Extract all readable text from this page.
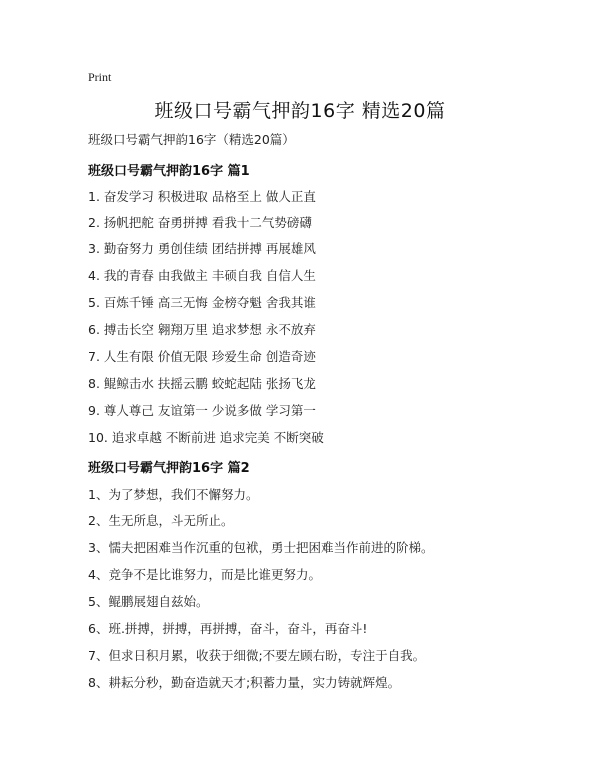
Print
班级口号霸气押韵16字 精选20篇
班级口号霸气押韵16字（精选20篇）
班级口号霸气押韵16字 篇1
1. 奋发学习 积极进取 品格至上 做人正直
2. 扬帆把舵 奋勇拼搏 看我十二气势磅礴
3. 勤奋努力 勇创佳绩 团结拼搏 再展雄风
4. 我的青春 由我做主 丰硕自我 自信人生
5. 百炼千锤 高三无悔 金榜夺魁 舍我其谁
6. 搏击长空 翱翔万里 追求梦想 永不放弃
7. 人生有限 价值无限 珍爱生命 创造奇迹
8. 鲲鲸击水 扶摇云鹏 蛟蛇起陆 张扬飞龙
9. 尊人尊己 友谊第一 少说多做 学习第一
10. 追求卓越 不断前进 追求完美 不断突破
班级口号霸气押韵16字 篇2
1、为了梦想，我们不懈努力。
2、生无所息，斗无所止。
3、懦夫把困难当作沉重的包袱，勇士把困难当作前进的阶梯。
4、竞争不是比谁努力，而是比谁更努力。
5、鲲鹏展翅自兹始。
6、班.拼搏，拼搏，再拼搏，奋斗，奋斗，再奋斗!
7、但求日积月累，收获于细微;不要左顾右盼，专注于自我。
8、耕耘分秒，勤奋造就天才;积蓄力量，实力铸就辉煌。
